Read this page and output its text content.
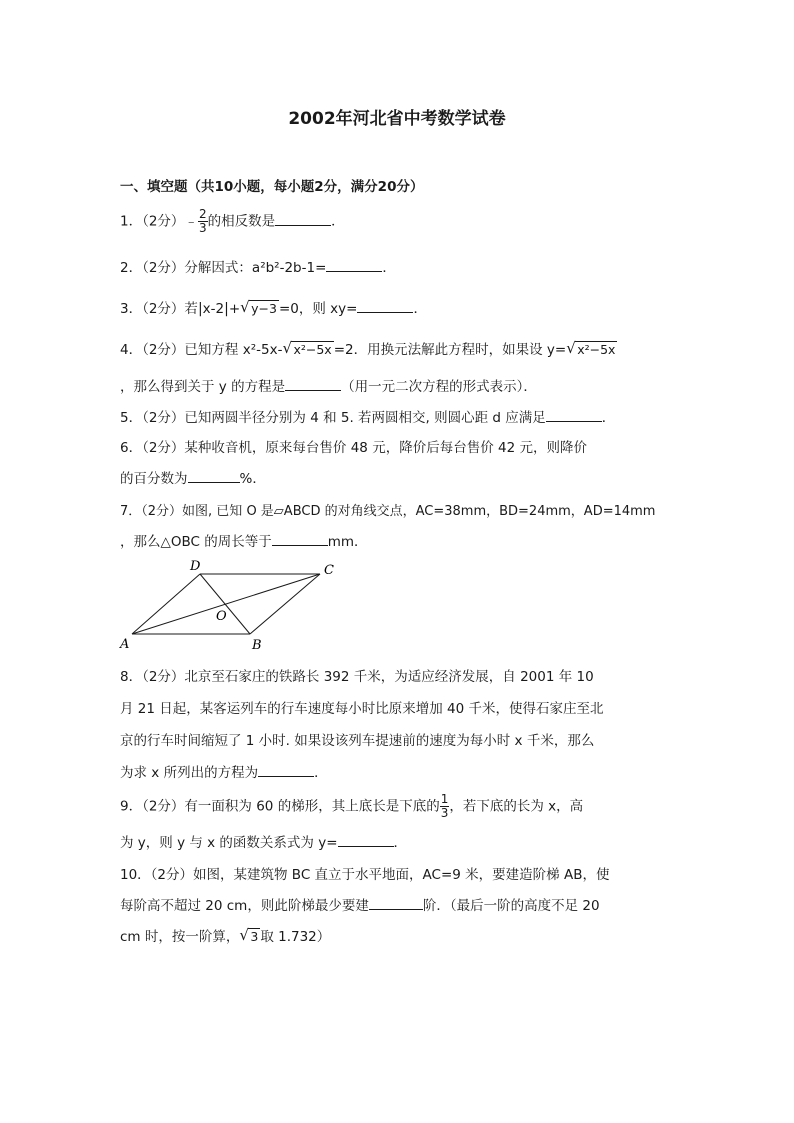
2002年河北省中考数学试卷
一、填空题（共10小题，每小题2分，满分20分）
1．（2分）﹣ $\frac{2}{3}$ 的相反数是	．
2．（2分）分解因式：a²b²-2b-1=	．
3．（2分）若|x-2|+ √ y−3 =0，则 xy=	．
4．（2分）已知方程 x²-5x- √ x²−5x =2．用换元法解此方程时，如果设 y= √ x²−5x
，那么得到关于 y 的方程是	（用一元二次方程的形式表示）．
5．（2分）已知两圆半径分别为 4 和 5. 若两圆相交, 则圆心距 d 应满足	．
6．（2分）某种收音机，原来每台售价 48 元，降价后每台售价 42 元，则降价
的百分数为	%．
7．（2分）如图, 已知 O 是▱ABCD 的对角线交点，AC=38mm，BD=24mm，AD=14mm
，那么△OBC 的周长等于	mm．
A	B
C
D
O
8．（2分）北京至石家庄的铁路长 392 千米，为适应经济发展，自 2001 年 10
月 21 日起，某客运列车的行车速度每小时比原来增加 40 千米，使得石家庄至北
京的行车时间缩短了 1 小时. 如果设该列车提速前的速度为每小时 x 千米，那么
为求 x 所列出的方程为	．
9．（2分）有一面积为 60 的梯形，其上底长是下底的 $\frac{1}{3}$ ，若下底的长为 x，高
为 y，则 y 与 x 的函数关系式为 y=	．
10．（2分）如图，某建筑物 BC 直立于水平地面，AC=9 米，要建造阶梯 AB，使
每阶高不超过 20 cm，则此阶梯最少要建	阶．（最后一阶的高度不足 20
cm 时，按一阶算， √ 3 取 1.732）
